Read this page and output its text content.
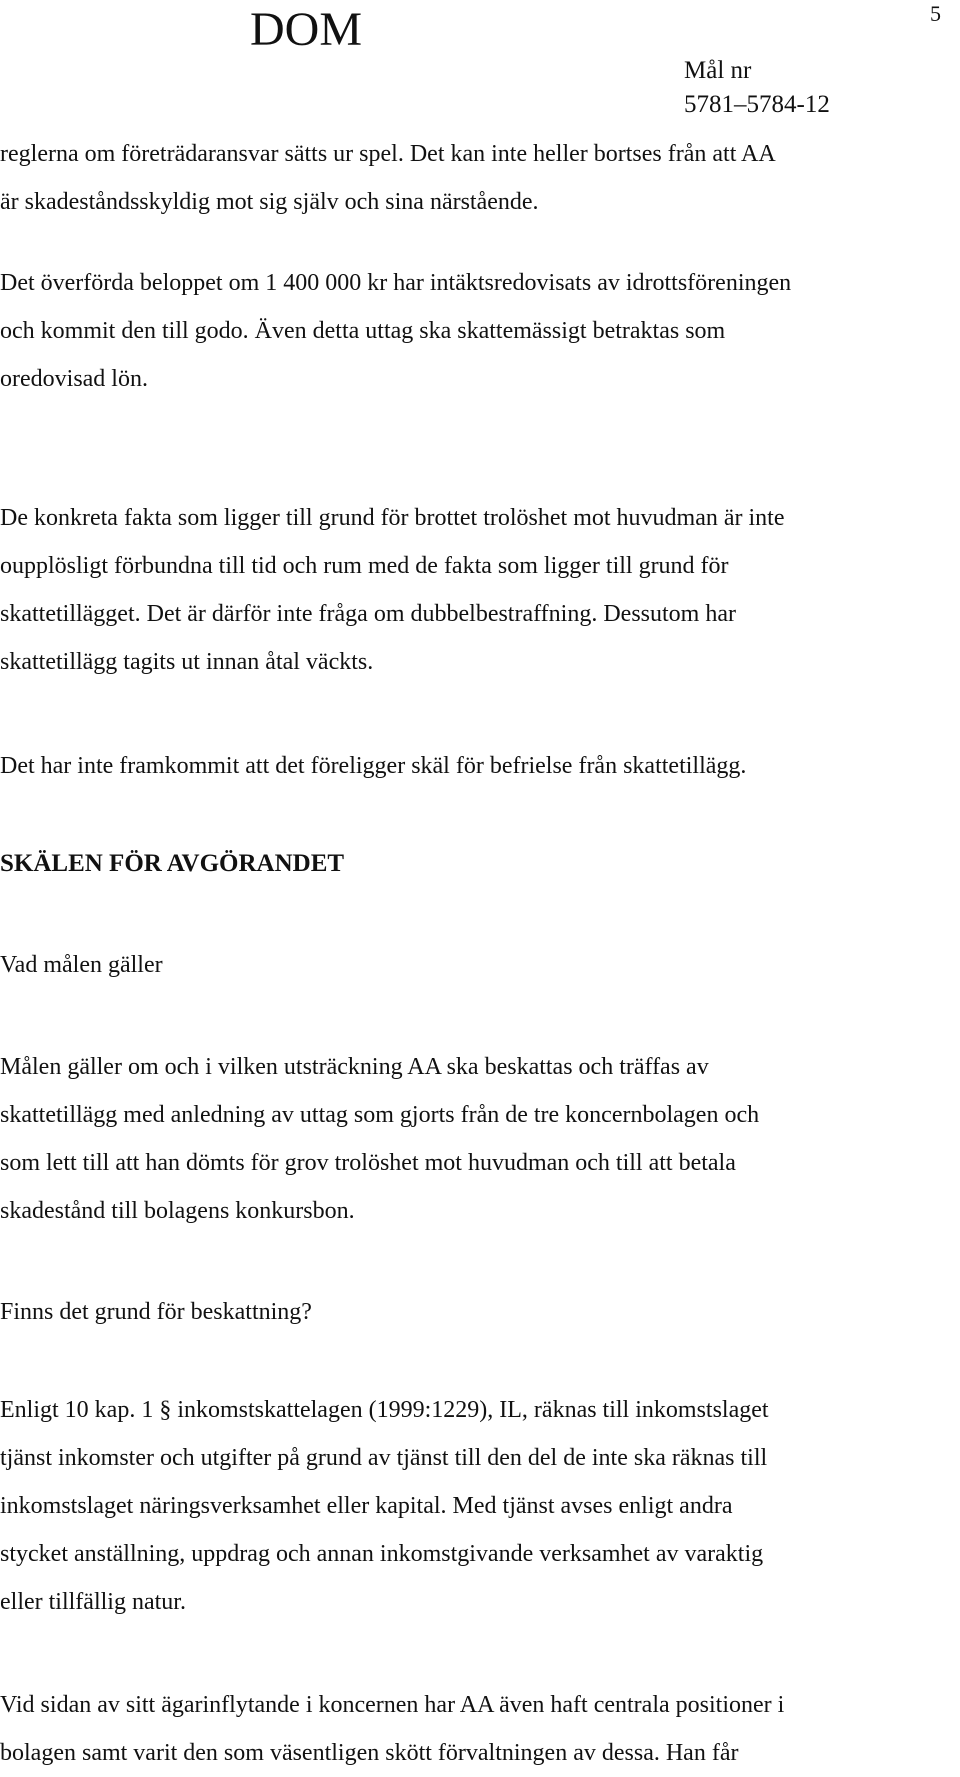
DOM	5
Mål nr
5781–5784-12

reglerna om företrädaransvar sätts ur spel. Det kan inte heller bortses från att AA
är skadeståndsskyldig mot sig själv och sina närstående.

Det överförda beloppet om 1 400 000 kr har intäktsredovisats av idrottsföreningen
och kommit den till godo. Även detta uttag ska skattemässigt betraktas som
oredovisad lön.

De konkreta fakta som ligger till grund för brottet trolöshet mot huvudman är inte
oupplösligt förbundna till tid och rum med de fakta som ligger till grund för
skattetillägget. Det är därför inte fråga om dubbelbestraffning. Dessutom har
skattetillägg tagits ut innan åtal väckts.

Det har inte framkommit att det föreligger skäl för befrielse från skattetillägg.

SKÄLEN FÖR AVGÖRANDET
Vad målen gäller

Målen gäller om och i vilken utsträckning AA ska beskattas och träffas av
skattetillägg med anledning av uttag som gjorts från de tre koncernbolagen och
som lett till att han dömts för grov trolöshet mot huvudman och till att betala
skadestånd till bolagens konkursbon.

Finns det grund för beskattning?

Enligt 10 kap. 1 § inkomstskattelagen (1999:1229), IL, räknas till inkomstslaget
tjänst inkomster och utgifter på grund av tjänst till den del de inte ska räknas till
inkomstslaget näringsverksamhet eller kapital. Med tjänst avses enligt andra
stycket anställning, uppdrag och annan inkomstgivande verksamhet av varaktig
eller tillfällig natur.

Vid sidan av sitt ägarinflytande i koncernen har AA även haft centrala positioner i
bolagen samt varit den som väsentligen skött förvaltningen av dessa. Han får
